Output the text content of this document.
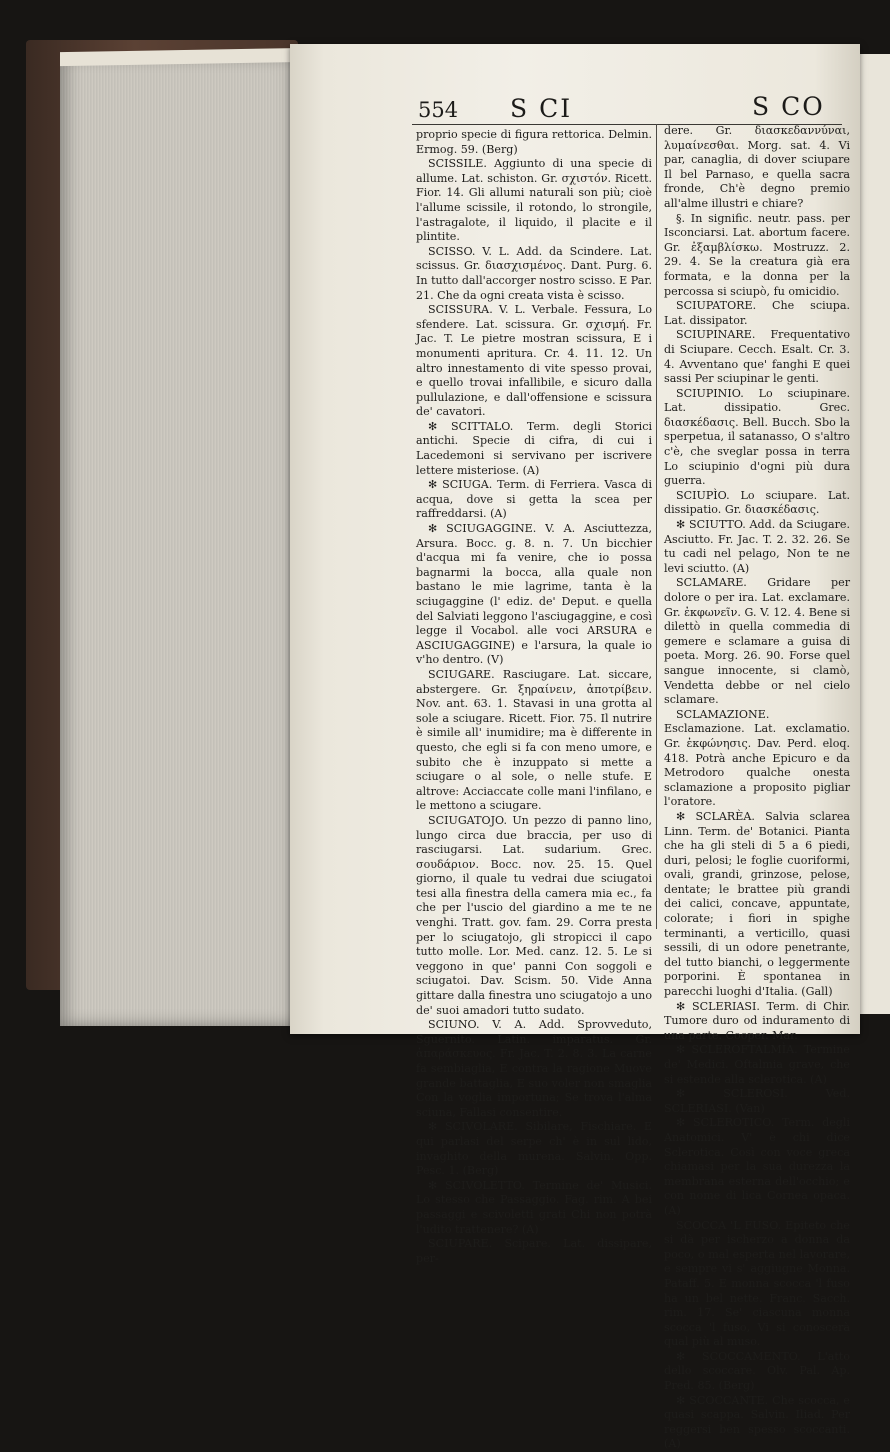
554 S CI	S CO

proprio specie di figura rettorica. Delmin. Ermog. 59. (Berg)

SCISSILE. Aggiunto di una specie di allume. Lat. schiston. Gr. σχιστόν. Ricett. Fior. 14. Gli allumi naturali son più; cioè l'allume scissile, il rotondo, lo strongile, l'astragalote, il liquido, il placite e il plintite.

SCISSO. V. L. Add. da Scindere. Lat. scissus. Gr. διασχισμένος. Dant. Purg. 6. In tutto dall'accorger nostro scisso. E Par. 21. Che da ogni creata vista è scisso.

SCISSURA. V. L. Verbale. Fessura, Lo sfendere. Lat. scissura. Gr. σχισμή. Fr. Jac. T. Le pietre mostran scissura, E i monumenti apritura. Cr. 4. 11. 12. Un altro innestamento di vite spesso provai, e quello trovai infallibile, e sicuro dalla pullulazione, e dall'offensione e scissura de' cavatori.

✻ SCITTALO. Term. degli Storici antichi. Specie di cifra, di cui i Lacedemoni si servivano per iscrivere lettere misteriose. (A)

✻ SCIUGA. Term. di Ferriera. Vasca di acqua, dove si getta la scea per raffreddarsi. (A)

✻ SCIUGAGGINE. V. A. Asciuttezza, Arsura. Bocc. g. 8. n. 7. Un bicchier d'acqua mi fa venire, che io possa bagnarmi la bocca, alla quale non bastano le mie lagrime, tanta è la sciugaggine (l' ediz. de' Deput. e quella del Salviati leggono l'asciugaggine, e così legge il Vocabol. alle voci ARSURA e ASCIUGAGGINE) e l'arsura, la quale io v'ho dentro. (V)

SCIUGARE. Rasciugare. Lat. siccare, abstergere. Gr. ξηραίνειν, ἀποτρίβειν. Nov. ant. 63. 1. Stavasi in una grotta al sole a sciugare. Ricett. Fior. 75. Il nutrire è simile all' inumidire; ma è differente in questo, che egli si fa con meno umore, e subito che è inzuppato si mette a sciugare o al sole, o nelle stufe. E altrove: Acciaccate colle mani l'infilano, e le mettono a sciugare.

SCIUGATOJO. Un pezzo di panno lino, lungo circa due braccia, per uso di rasciugarsi. Lat. sudarium. Grec. σουδάριον. Bocc. nov. 25. 15. Quel giorno, il quale tu vedrai due sciugatoi tesi alla finestra della camera mia ec., fa che per l'uscio del giardino a me te ne venghi. Tratt. gov. fam. 29. Corra presta per lo sciugatojo, gli stropicci il capo tutto molle. Lor. Med. canz. 12. 5. Le si veggono in que' panni Con soggoli e sciugatoi. Dav. Scism. 50. Vide Anna gittare dalla finestra uno sciugatojo a uno de' suoi amadori tutto sudato.

SCIUNO. V. A. Add. Sprovveduto, Sguernito. Latin. imparatus. Gr. ἀπαράσκευος. Fr. Jac. T. 2. 8. 3. La carne fa sembiaglia, E contra la ragione Muove grande battaglia, E suo voler non smaglia Con la voglia importuna; Se trova l'alma sciuna, Fallasi consentire.

✻ SCIVOLARE. Sibilare, Fischiare. E qui parlasi del serpe ch' è in sul lido, invaghito della murena. Salvin. Opp. Pesc. 1. (Berg)

✻ SCIVOLETTO. Termine de' Musici. Lo stesso che Passaggio. Fag. rim. A bei passaggi e scivoletti grati Chi non potrà l'udito trattenere? (A)

SCIUPARE. Scipare. Lat. dissipare, per-

dere. Gr. διασκεδαννύναι, λυμαίνεσθαι. Morg. sat. 4. Vi par, canaglia, di dover sciupare Il bel Parnaso, e quella sacra fronde, Ch'è degno premio all'alme illustri e chiare?

§. In signific. neutr. pass. per Isconciarsi. Lat. abortum facere. Gr. ἐξαμβλίσκω. Mostruzz. 2. 29. 4. Se la creatura già era formata, e la donna per la percossa si sciupò, fu omicidio.

SCIUPATORE. Che sciupa. Lat. dissipator.

SCIUPINARE. Frequentativo di Sciupare. Cecch. Esalt. Cr. 3. 4. Avventano que' fanghi E quei sassi Per sciupinar le genti.

SCIUPINIO. Lo sciupinare. Lat. dissipatio. Grec. διασκέδασις. Bell. Bucch. Sbo la sperpetua, il satanasso, O s'altro c'è, che sveglar possa in terra Lo sciupinio d'ogni più dura guerra.

SCIUPÌO. Lo sciupare. Lat. dissipatio. Gr. διασκέδασις.

✻ SCIUTTO. Add. da Sciugare. Asciutto. Fr. Jac. T. 2. 32. 26. Se tu cadi nel pelago, Non te ne levi sciutto. (A)

SCLAMARE. Gridare per dolore o per ira. Lat. exclamare. Gr. ἐκφωνεῖν. G. V. 12. 4. Bene si dilettò in quella commedia di gemere e sclamare a guisa di poeta. Morg. 26. 90. Forse quel sangue innocente, si clamò, Vendetta debbe or nel cielo sclamare.

SCLAMAZIONE. Esclamazione. Lat. exclamatio. Gr. ἐκφώνησις. Dav. Perd. eloq. 418. Potrà anche Epicuro e da Metrodoro qualche onesta sclamazione a proposito pigliar l'oratore.

✻ SCLARÈA. Salvia sclarea Linn. Term. de' Botanici. Pianta che ha gli steli di 5 a 6 piedi, duri, pelosi; le foglie cuoriformi, ovali, grandi, grinzose, pelose, dentate; le brattee più grandi dei calici, concave, appuntate, colorate; i fiori in spighe terminanti, a verticillo, quasi sessili, di un odore penetrante, del tutto bianchi, o leggermente porporini. È spontanea in parecchi luoghi d'Italia. (Gall)

✻ SCLERIASI. Term. di Chir. Tumore duro od induramento di una parte. Cooper. Mar.

✻ SCLEROFTALMÌA. Termine de' Medici. Oftalmia grave, che si estende alla sclerotica. (A)

✻ SCLEROSI. Ved. SCLERIASI. (Van)

✻ SCLEROTICO. Term. degli Anatomici. V' è chi dice Sclerotica. Così con voce greca chiamasi per la sua durezza la membrana esterna dell'occhio; e con nome di lica Cornea opaca. (A)

SCOCCA 'L FUSO. Epiteto che si dà per ischerzo a donna da poco, o mal esperta nel lavorare, e sempre vi s' aggiugne Monna. Pataff. 5. E monna scocca 'l fuso ha un bel nette. Franc. Sacch. rim. 17. Se' ciascuna monna scocca 'l fuso, Vi si conoscerà qual più al muso.

✻ SCOCCAMENTO. L'atto dello scoccare. Olv. Pal. Ap. Pred. 85. (Berg)

✻ SCOCCANTE. Che scocca, e quasi scappa. Salvin. Iliad. Per reggersi ben spesso scoccanti. (A)
